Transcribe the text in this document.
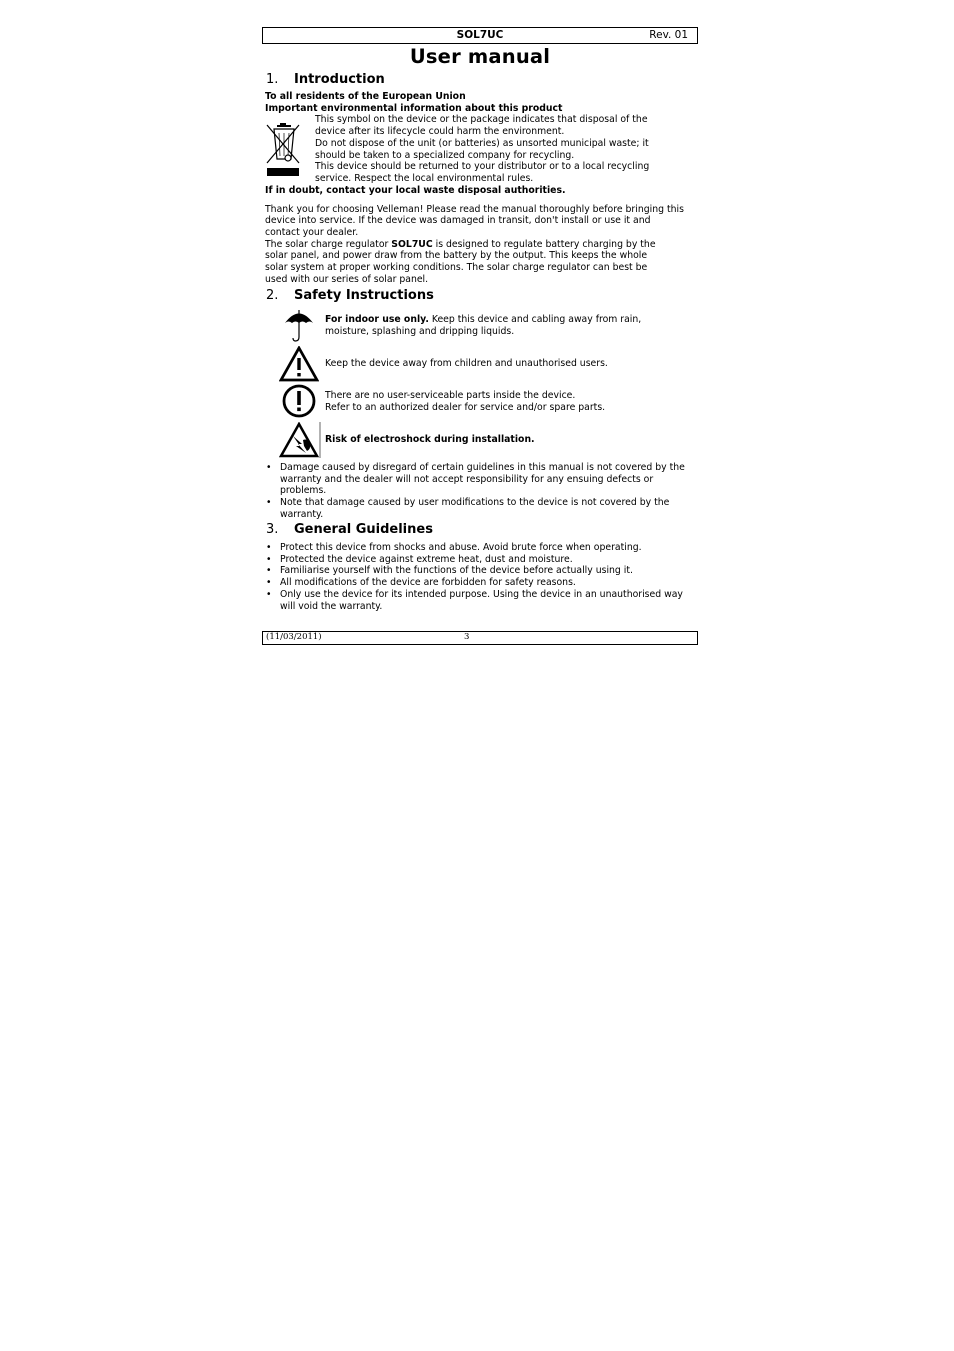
SOL7UC	Rev. 01
User manual
1. Introduction
To all residents of the European Union
Important environmental information about this product
This symbol on the device or the package indicates that disposal of the
device after its lifecycle could harm the environment.
Do not dispose of the unit (or batteries) as unsorted municipal waste; it
should be taken to a specialized company for recycling.
This device should be returned to your distributor or to a local recycling
service. Respect the local environmental rules.
If in doubt, contact your local waste disposal authorities.
Thank you for choosing Velleman! Please read the manual thoroughly before bringing this
device into service. If the device was damaged in transit, don't install or use it and
contact your dealer.
The solar charge regulator SOL7UC is designed to regulate battery charging by the
solar panel, and power draw from the battery by the output. This keeps the whole
solar system at proper working conditions. The solar charge regulator can best be
used with our series of solar panel.
2. Safety Instructions
For indoor use only. Keep this device and cabling away from rain,
moisture, splashing and dripping liquids.
Keep the device away from children and unauthorised users.
There are no user-serviceable parts inside the device.
Refer to an authorized dealer for service and/or spare parts.
Risk of electroshock during installation.
• Damage caused by disregard of certain guidelines in this manual is not covered by the
warranty and the dealer will not accept responsibility for any ensuing defects or
problems.
• Note that damage caused by user modifications to the device is not covered by the
warranty.
3. General Guidelines
• Protect this device from shocks and abuse. Avoid brute force when operating.
• Protected the device against extreme heat, dust and moisture.
• Familiarise yourself with the functions of the device before actually using it.
• All modifications of the device are forbidden for safety reasons.
• Only use the device for its intended purpose. Using the device in an unauthorised way
will void the warranty.
(11/03/2011)	3
